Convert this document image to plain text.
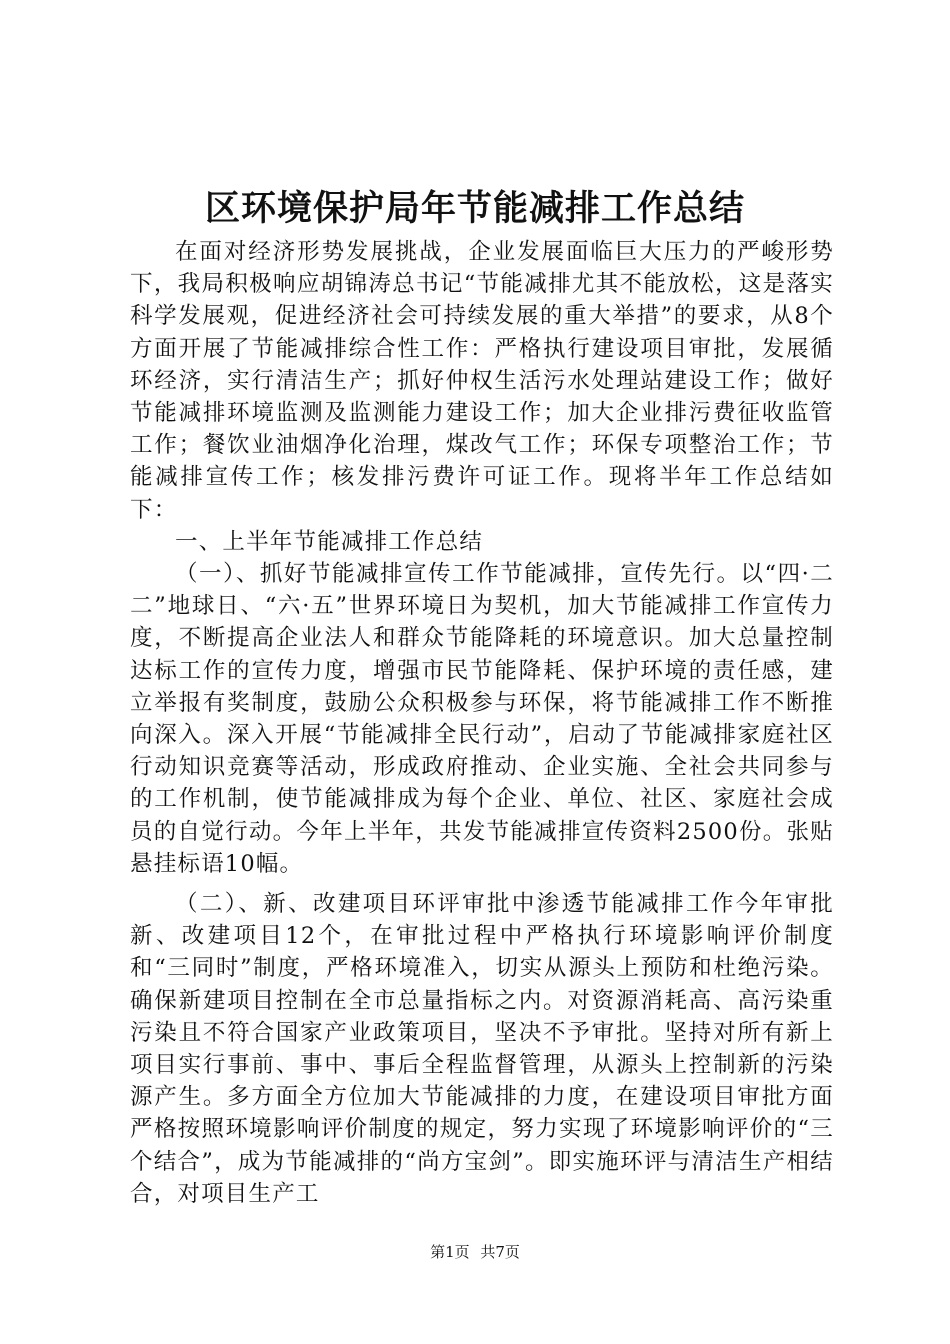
区环境保护局年节能减排工作总结

在面对经济形势发展挑战，企业发展面临巨大压力的严峻形势下，我局积极响应胡锦涛总书记“节能减排尤其不能放松，这是落实科学发展观，促进经济社会可持续发展的重大举措”的要求，从8个方面开展了节能减排综合性工作：严格执行建设项目审批，发展循环经济，实行清洁生产；抓好仲权生活污水处理站建设工作；做好节能减排环境监测及监测能力建设工作；加大企业排污费征收监管工作；餐饮业油烟净化治理，煤改气工作；环保专项整治工作；节能减排宣传工作；核发排污费许可证工作。现将半年工作总结如下：

一、上半年节能减排工作总结

（一）、抓好节能减排宣传工作节能减排，宣传先行。以“四·二二”地球日、“六·五”世界环境日为契机，加大节能减排工作宣传力度，不断提高企业法人和群众节能降耗的环境意识。加大总量控制达标工作的宣传力度，增强市民节能降耗、保护环境的责任感，建立举报有奖制度，鼓励公众积极参与环保，将节能减排工作不断推向深入。深入开展“节能减排全民行动”，启动了节能减排家庭社区行动知识竞赛等活动，形成政府推动、企业实施、全社会共同参与的工作机制，使节能减排成为每个企业、单位、社区、家庭社会成员的自觉行动。今年上半年，共发节能减排宣传资料2500份。张贴悬挂标语10幅。

（二）、新、改建项目环评审批中渗透节能减排工作今年审批新、改建项目12个，在审批过程中严格执行环境影响评价制度和“三同时”制度，严格环境准入，切实从源头上预防和杜绝污染。确保新建项目控制在全市总量指标之内。对资源消耗高、高污染重污染且不符合国家产业政策项目，坚决不予审批。坚持对所有新上项目实行事前、事中、事后全程监督管理，从源头上控制新的污染源产生。多方面全方位加大节能减排的力度，在建设项目审批方面严格按照环境影响评价制度的规定，努力实现了环境影响评价的“三个结合”，成为节能减排的“尚方宝剑”。即实施环评与清洁生产相结合，对项目生产工

第1页 共7页
